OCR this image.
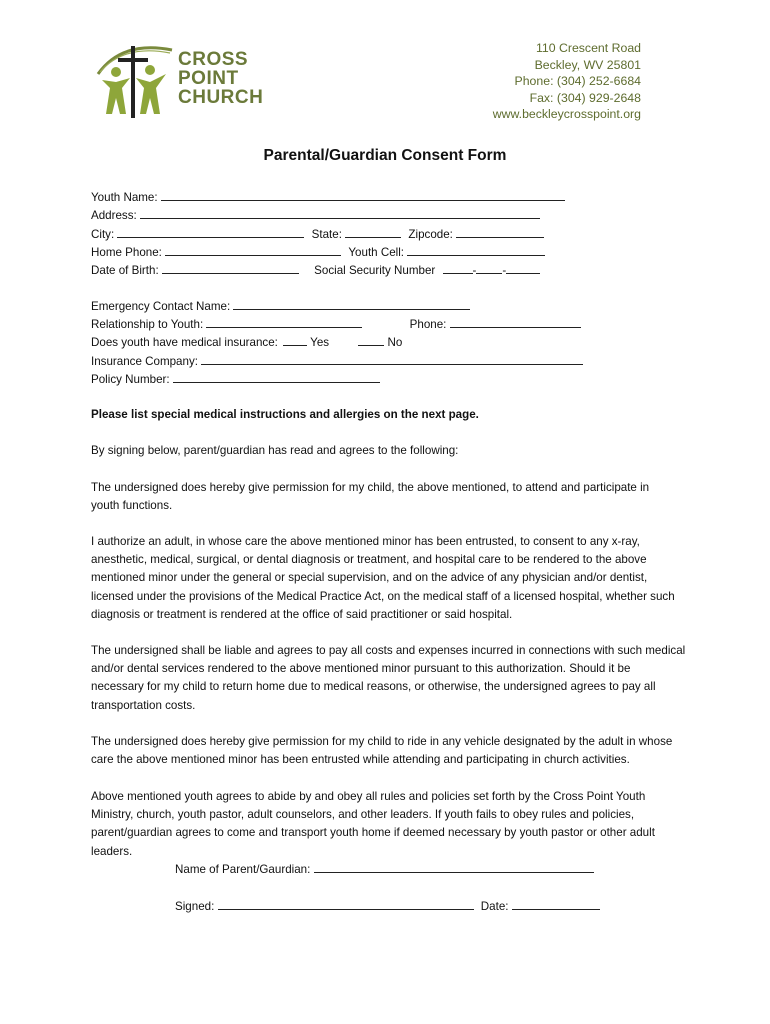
CROSS
POINT
CHURCH
110 Crescent Road
Beckley, WV 25801
Phone: (304) 252-6684
Fax: (304) 929-2648
www.beckleycrosspoint.org
Parental/Guardian Consent Form
Youth Name:
Address:
City:	State:	Zipcode:
Home Phone:	Youth Cell:
Date of Birth:	Social Security Number	- -
Emergency Contact Name:
Relationship to Youth:	Phone:
Does youth have medical insurance:	Yes	No
Insurance Company:
Policy Number:
Please list special medical instructions and allergies on the next page.
By signing below, parent/guardian has read and agrees to the following:
The undersigned does hereby give permission for my child, the above mentioned, to attend and participate in
youth functions.
I authorize an adult, in whose care the above mentioned minor has been entrusted, to consent to any x-ray,
anesthetic, medical, surgical, or dental diagnosis or treatment, and hospital care to be rendered to the above
mentioned minor under the general or special supervision, and on the advice of any physician and/or dentist,
licensed under the provisions of the Medical Practice Act, on the medical staff of a licensed hospital, whether such
diagnosis or treatment is rendered at the office of said practitioner or said hospital.
The undersigned shall be liable and agrees to pay all costs and expenses incurred in connections with such medical
and/or dental services rendered to the above mentioned minor pursuant to this authorization. Should it be
necessary for my child to return home due to medical reasons, or otherwise, the undersigned agrees to pay all
transportation costs.
The undersigned does hereby give permission for my child to ride in any vehicle designated by the adult in whose
care the above mentioned minor has been entrusted while attending and participating in church activities.
Above mentioned youth agrees to abide by and obey all rules and policies set forth by the Cross Point Youth
Ministry, church, youth pastor, adult counselors, and other leaders. If youth fails to obey rules and policies,
parent/guardian agrees to come and transport youth home if deemed necessary by youth pastor or other adult
leaders.
Name of Parent/Gaurdian:
Signed:	Date:
